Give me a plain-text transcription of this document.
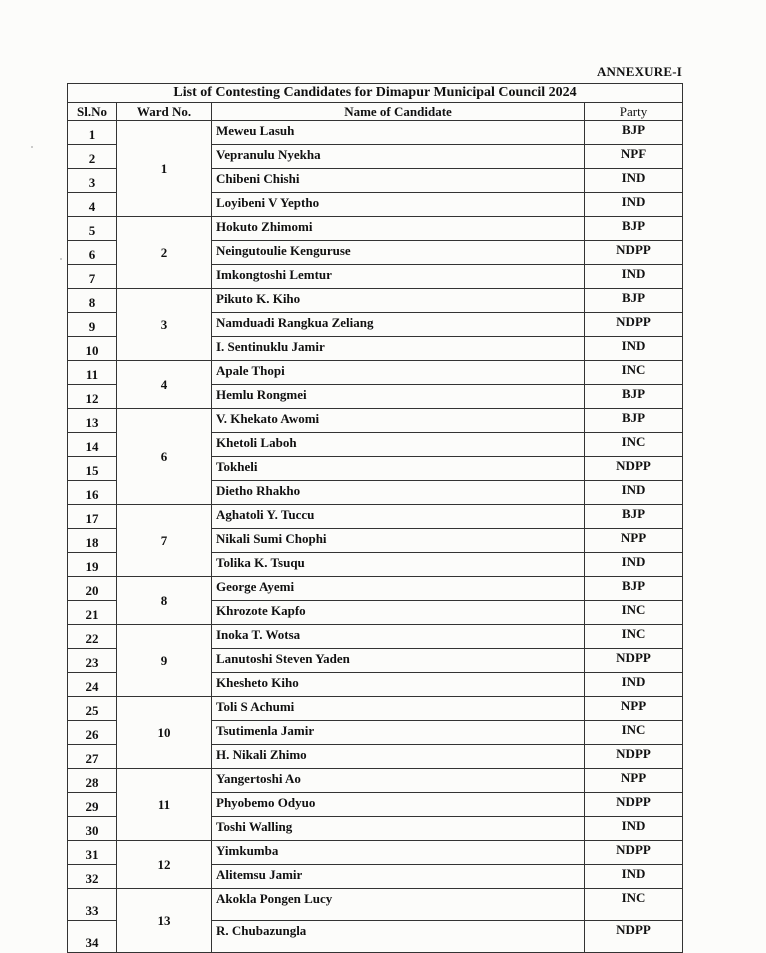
ANNEXURE-I
List of Contesting Candidates for Dimapur Municipal Council 2024			
Sl.No	Ward No.	Name of Candidate	Party
1	1	Meweu Lasuh	BJP
2		Vepranulu Nyekha	NPF
3		Chibeni Chishi	IND
4		Loyibeni V Yeptho	IND
5	2	Hokuto Zhimomi	BJP
6		Neingutoulie Kenguruse	NDPP
7		Imkongtoshi Lemtur	IND
8	3	Pikuto K. Kiho	BJP
9		Namduadi Rangkua Zeliang	NDPP
10		I. Sentinuklu Jamir	IND
11	4	Apale Thopi	INC
12		Hemlu Rongmei	BJP
13	6	V. Khekato Awomi	BJP
14		Khetoli Laboh	INC
15		Tokheli	NDPP
16		Dietho Rhakho	IND
17	7	Aghatoli Y. Tuccu	BJP
18		Nikali Sumi Chophi	NPP
19		Tolika K. Tsuqu	IND
20	8	George Ayemi	BJP
21		Khrozote Kapfo	INC
22	9	Inoka T. Wotsa	INC
23		Lanutoshi Steven Yaden	NDPP
24		Khesheto Kiho	IND
25	10	Toli S Achumi	NPP
26		Tsutimenla Jamir	INC
27		H. Nikali Zhimo	NDPP
28	11	Yangertoshi Ao	NPP
29		Phyobemo Odyuo	NDPP
30		Toshi Walling	IND
31	12	Yimkumba	NDPP
32		Alitemsu Jamir	IND
33	13	Akokla Pongen Lucy	INC
34		R. Chubazungla	NDPP
